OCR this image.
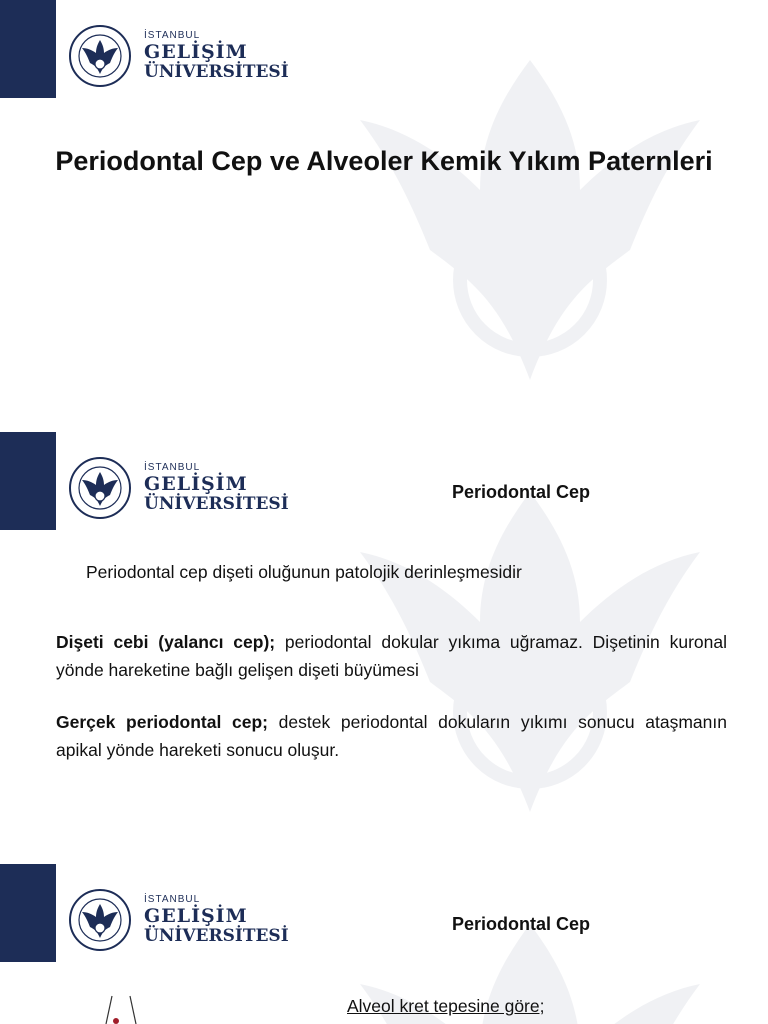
İSTANBUL
GELİŞİM
ÜNİVERSİTESİ
Periodontal Cep ve Alveoler Kemik Yıkım Paternleri
İSTANBUL
GELİŞİM
ÜNİVERSİTESİ
Periodontal Cep
Periodontal cep dişeti oluğunun patolojik derinleşmesidir
Dişeti cebi (yalancı cep); periodontal dokular yıkıma uğramaz. Dişetinin kuronal yönde hareketine bağlı gelişen dişeti büyümesi
Gerçek periodontal cep; destek periodontal dokuların yıkımı sonucu ataşmanın apikal yönde hareketi sonucu oluşur.
İSTANBUL
GELİŞİM
ÜNİVERSİTESİ
Periodontal Cep
Alveol kret tepesine göre;
